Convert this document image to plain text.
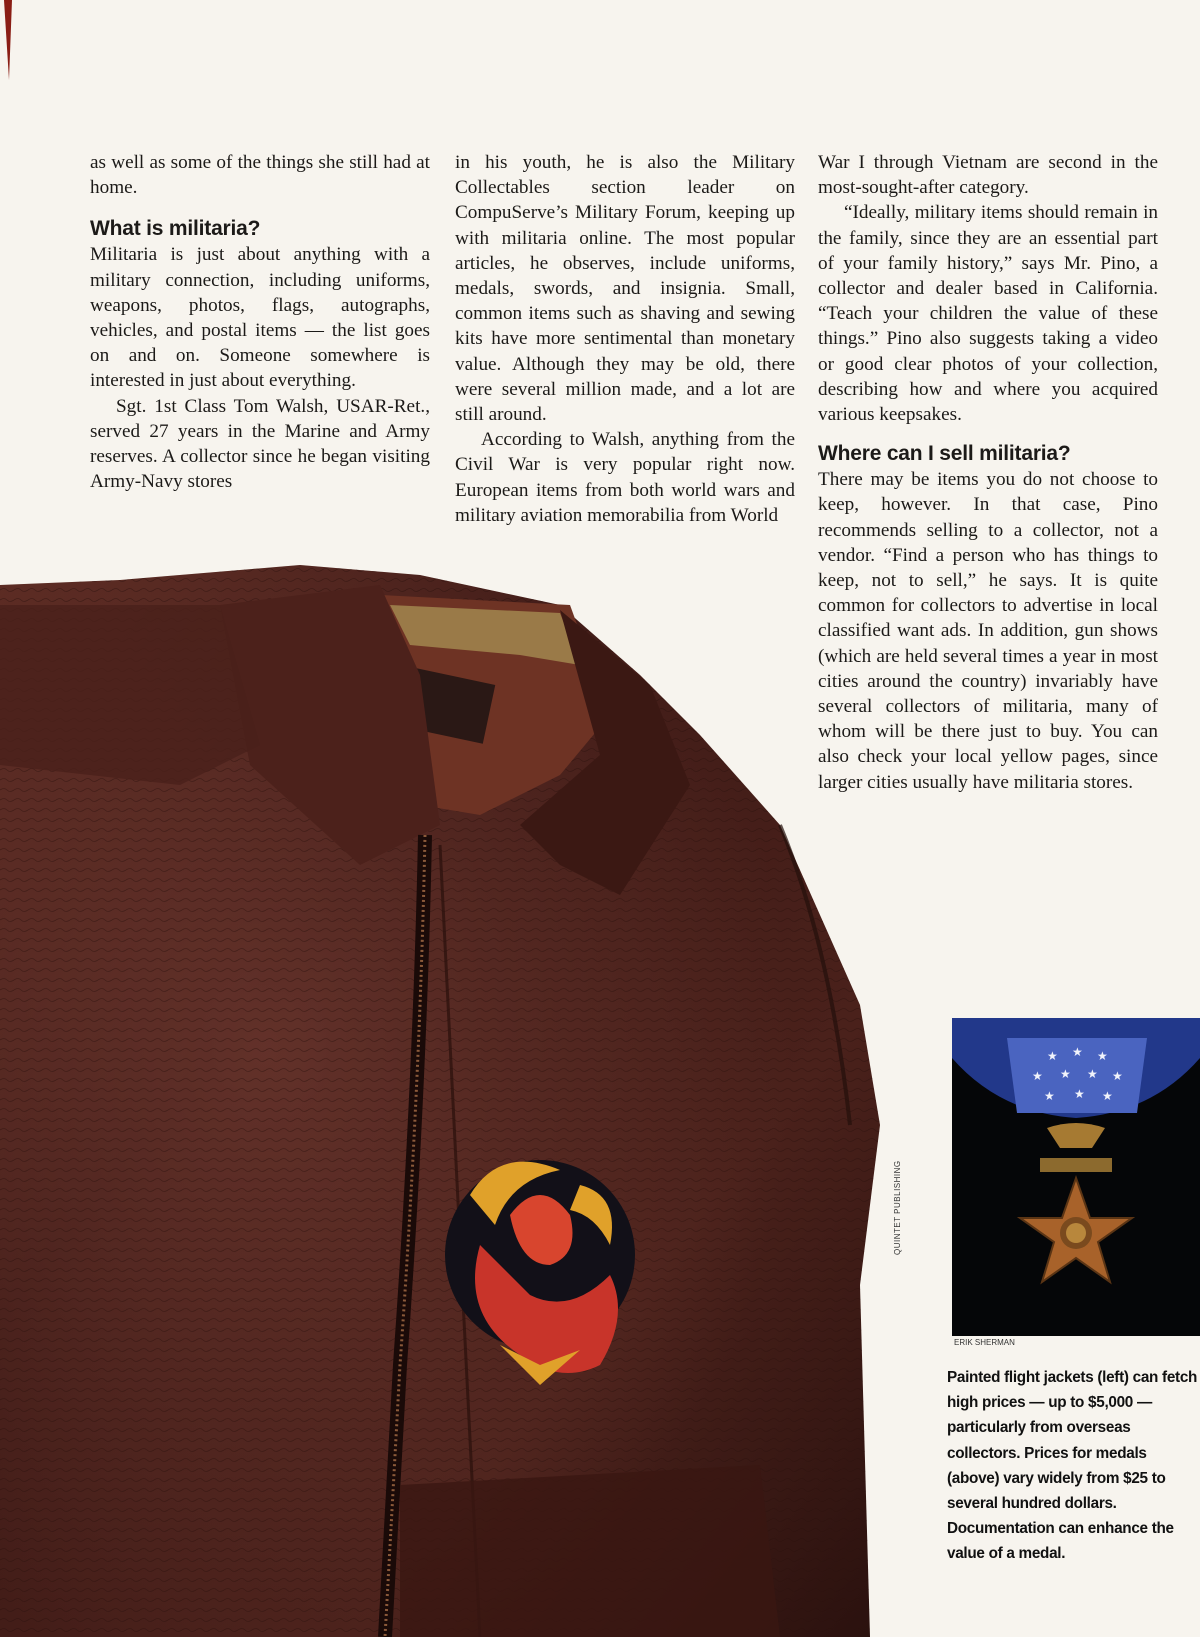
as well as some of the things she still had at home.

What is militaria?

Militaria is just about anything with a military connection, including uniforms, weapons, photos, flags, autographs, vehicles, and postal items — the list goes on and on. Someone somewhere is interested in just about everything.

Sgt. 1st Class Tom Walsh, USAR-Ret., served 27 years in the Marine and Army reserves. A collector since he began visiting Army-Navy stores

in his youth, he is also the Military Collectables section leader on CompuServe’s Military Forum, keeping up with militaria online. The most popular articles, he observes, include uniforms, medals, swords, and insignia. Small, common items such as shaving and sewing kits have more sentimental than monetary value. Although they may be old, there were several million made, and a lot are still around.

According to Walsh, anything from the Civil War is very popular right now. European items from both world wars and military aviation memorabilia from World

War I through Vietnam are second in the most-sought-after category.

“Ideally, military items should remain in the family, since they are an essential part of your family history,” says Mr. Pino, a collector and dealer based in California. “Teach your children the value of these things.” Pino also suggests taking a video or good clear photos of your collection, describing how and where you acquired various keepsakes.

Where can I sell militaria?

There may be items you do not choose to keep, however. In that case, Pino recommends selling to a collector, not a vendor. “Find a person who has things to keep, not to sell,” he says. It is quite common for collectors to advertise in local classified want ads. In addition, gun shows (which are held several times a year in most cities around the country) invariably have several collectors of militaria, many of whom will be there just to buy. You can also check your local yellow pages, since larger cities usually have militaria stores.

QUINTET PUBLISHING
★ ★ ★
★ ★ ★ ★
★ ★ ★
ERIK SHERMAN
Painted flight jackets (left) can fetch high prices — up to $5,000 — particularly from overseas collectors. Prices for medals (above) vary widely from $25 to several hundred dollars. Documentation can enhance the value of a medal.
